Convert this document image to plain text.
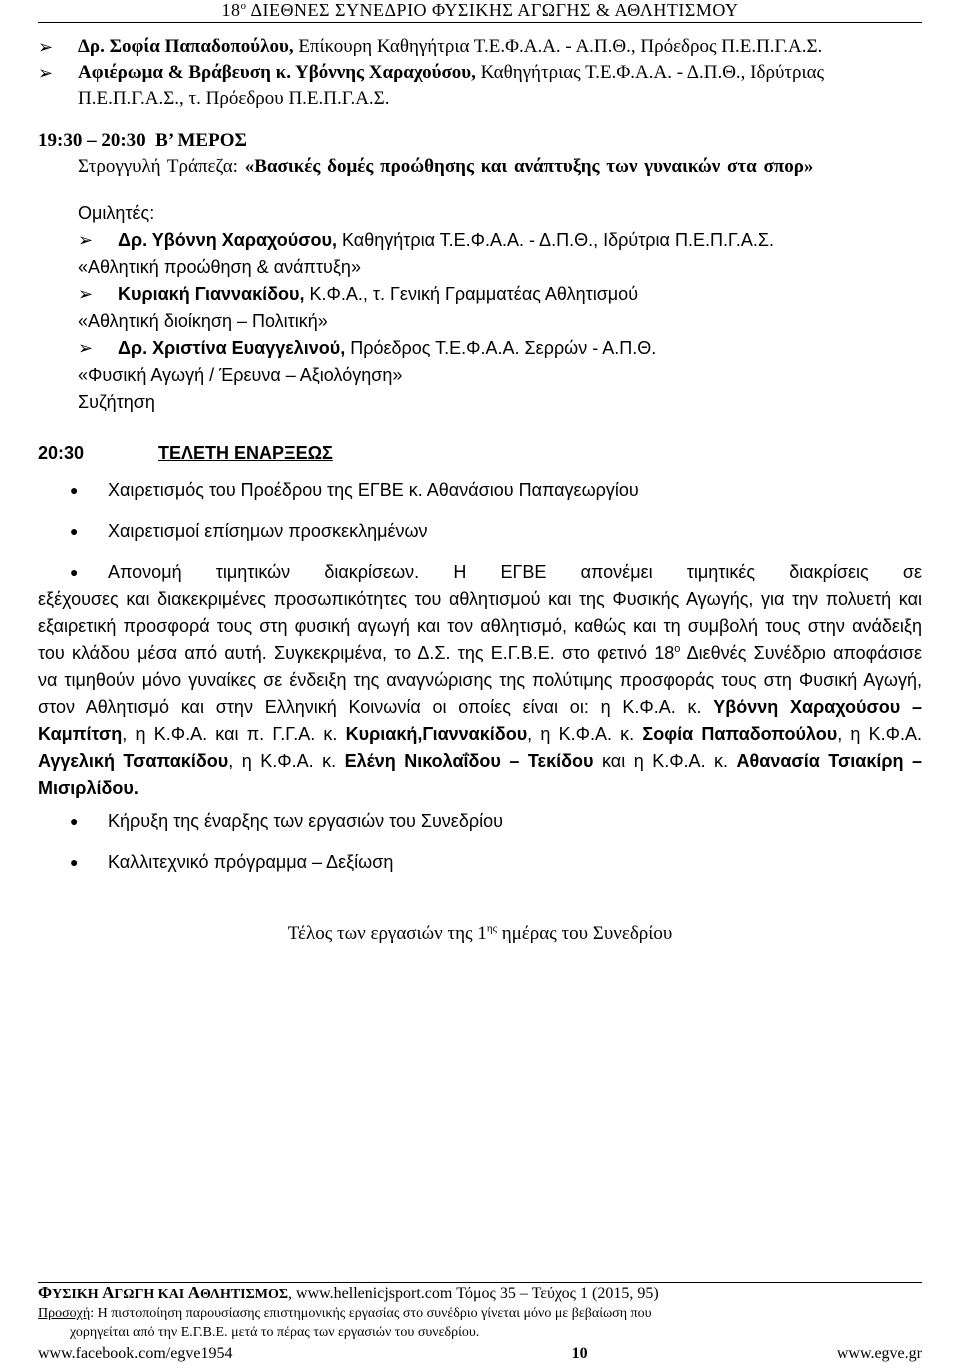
$18^o$ ΔΙΕΘΝΕΣ ΣΥΝΕΔΡΙΟ ΦΥΣΙΚΗΣ ΑΓΩΓΗΣ & ΑΘΛΗΤΙΣΜΟΥ
➢ Δρ. Σοφία Παπαδοπούλου, Επίκουρη Καθηγήτρια Τ.Ε.Φ.Α.Α. - Α.Π.Θ., Πρόεδρος Π.Ε.Π.Γ.Α.Σ.
➢ Αφιέρωμα & Βράβευση κ. Υβόννης Χαραχούσου, Καθηγήτριας Τ.Ε.Φ.Α.Α. - Δ.Π.Θ., Ιδρύτριας Π.Ε.Π.Γ.Α.Σ., τ. Πρόεδρου Π.Ε.Π.Γ.Α.Σ.
19:30 – 20:30 Β’ ΜΕΡΟΣ
Στρογγυλή Τράπεζα: «Βασικές δομές προώθησης και ανάπτυξης των γυναικών στα σπορ»
Ομιλητές:
➢ Δρ. Υβόννη Χαραχούσου, Καθηγήτρια Τ.Ε.Φ.Α.Α. - Δ.Π.Θ., Ιδρύτρια Π.Ε.Π.Γ.Α.Σ.
«Αθλητική προώθηση & ανάπτυξη»
➢ Κυριακή Γιαννακίδου, Κ.Φ.Α., τ. Γενική Γραμματέας Αθλητισμού
«Αθλητική διοίκηση – Πολιτική»
➢ Δρ. Χριστίνα Ευαγγελινού, Πρόεδρος Τ.Ε.Φ.Α.Α. Σερρών - Α.Π.Θ.
«Φυσική Αγωγή / Έρευνα – Αξιολόγηση»
Συζήτηση
20:30	ΤΕΛΕΤΗ ΕΝΑΡΞΕΩΣ
● Χαιρετισμός του Προέδρου της ΕΓΒΕ κ. Αθανάσιου Παπαγεωργίου
● Χαιρετισμοί επίσημων προσκεκλημένων
● Απονομή τιμητικών διακρίσεων. Η ΕΓΒΕ απονέμει τιμητικές διακρίσεις σε
εξέχουσες και διακεκριμένες προσωπικότητες του αθλητισμού και της Φυσικής Αγωγής, για την πολυετή και εξαιρετική προσφορά τους στη φυσική αγωγή και τον αθλητισμό, καθώς και τη συμβολή τους στην ανάδειξη του κλάδου μέσα από αυτή. Συγκεκριμένα, το Δ.Σ. της Ε.Γ.Β.Ε. στο φετινό $18^o$ Διεθνές Συνέδριο αποφάσισε να τιμηθούν μόνο γυναίκες σε ένδειξη της αναγνώρισης της πολύτιμης προσφοράς τους στη Φυσική Αγωγή, στον Αθλητισμό και στην Ελληνική Κοινωνία οι οποίες είναι οι: η Κ.Φ.Α. κ. Υβόννη Χαραχούσου – Καμπίτση, η Κ.Φ.Α. και π. Γ.Γ.Α. κ. Κυριακή,Γιαννακίδου, η Κ.Φ.Α. κ. Σοφία Παπαδοπούλου, η Κ.Φ.Α. Αγγελική Τσαπακίδου, η Κ.Φ.Α. κ. Ελένη Νικολαΐδου – Τεκίδου και η Κ.Φ.Α. κ. Αθανασία Τσιακίρη – Μισιρλίδου.
● Κήρυξη της έναρξης των εργασιών του Συνεδρίου
● Καλλιτεχνικό πρόγραμμα – Δεξίωση
Τέλος των εργασιών της $1^{\eta\varsigma}$ ημέρας του Συνεδρίου
ΦΥΣΙΚΗ ΑΓΩΓΗ ΚΑΙ ΑΘΛΗΤΙΣΜΟΣ, www.hellenicjsport.com Τόμος 35 – Τεύχος 1 (2015, 95)
Προσοχή: Η πιστοποίηση παρουσίασης επιστημονικής εργασίας στο συνέδριο γίνεται μόνο με βεβαίωση που
χορηγείται από την Ε.Γ.Β.Ε. μετά το πέρας των εργασιών του συνεδρίου.
www.facebook.com/egve1954	10	www.egve.gr
